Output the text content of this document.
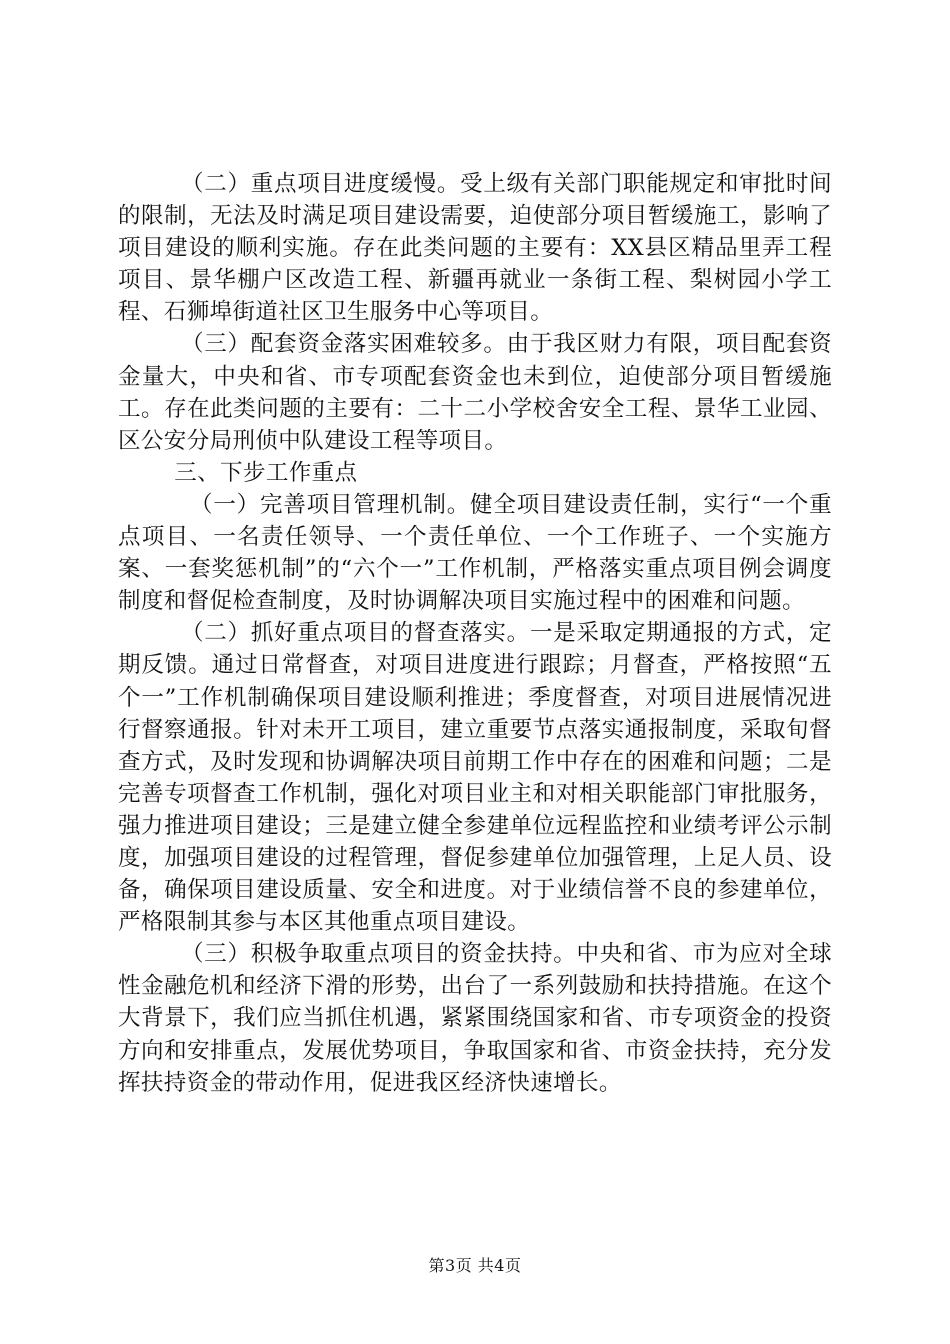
（二）重点项目进度缓慢。受上级有关部门职能规定和审批时间的限制，无法及时满足项目建设需要，迫使部分项目暂缓施工，影响了项目建设的顺利实施。存在此类问题的主要有：XX县区精品里弄工程项目、景华棚户区改造工程、新疆再就业一条街工程、梨树园小学工程、石狮埠街道社区卫生服务中心等项目。

（三）配套资金落实困难较多。由于我区财力有限，项目配套资金量大，中央和省、市专项配套资金也未到位，迫使部分项目暂缓施工。存在此类问题的主要有：二十二小学校舍安全工程、景华工业园、区公安分局刑侦中队建设工程等项目。

三、下步工作重点

（一）完善项目管理机制。健全项目建设责任制，实行“一个重点项目、一名责任领导、一个责任单位、一个工作班子、一个实施方案、一套奖惩机制”的“六个一”工作机制，严格落实重点项目例会调度制度和督促检查制度，及时协调解决项目实施过程中的困难和问题。

（二）抓好重点项目的督查落实。一是采取定期通报的方式，定期反馈。通过日常督查，对项目进度进行跟踪；月督查，严格按照“五个一”工作机制确保项目建设顺利推进；季度督查，对项目进展情况进行督察通报。针对未开工项目，建立重要节点落实通报制度，采取旬督查方式，及时发现和协调解决项目前期工作中存在的困难和问题；二是完善专项督查工作机制，强化对项目业主和对相关职能部门审批服务，强力推进项目建设；三是建立健全参建单位远程监控和业绩考评公示制度，加强项目建设的过程管理，督促参建单位加强管理，上足人员、设备，确保项目建设质量、安全和进度。对于业绩信誉不良的参建单位，严格限制其参与本区其他重点项目建设。

（三）积极争取重点项目的资金扶持。中央和省、市为应对全球性金融危机和经济下滑的形势，出台了一系列鼓励和扶持措施。在这个大背景下，我们应当抓住机遇，紧紧围绕国家和省、市专项资金的投资方向和安排重点，发展优势项目，争取国家和省、市资金扶持，充分发挥扶持资金的带动作用，促进我区经济快速增长。

第3页 共4页
